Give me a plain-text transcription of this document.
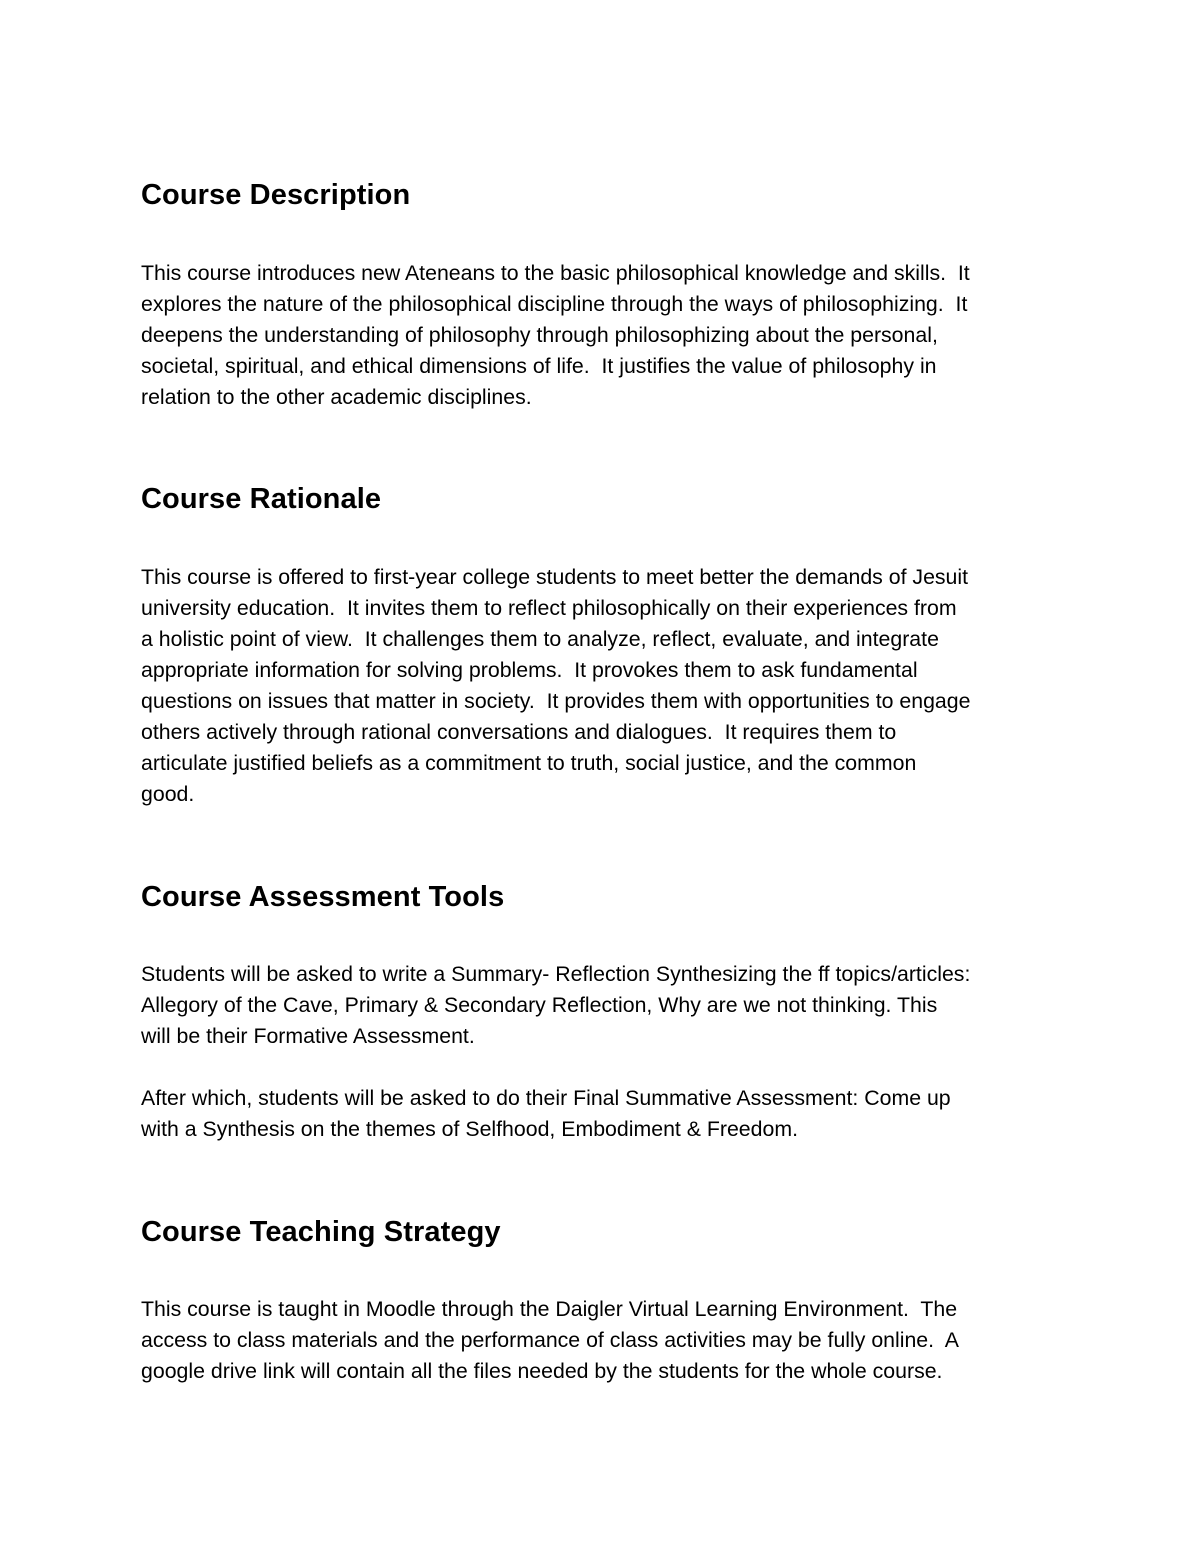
Course Description

This course introduces new Ateneans to the basic philosophical knowledge and skills.  It

explores the nature of the philosophical discipline through the ways of philosophizing.  It

deepens the understanding of philosophy through philosophizing about the personal,

societal, spiritual, and ethical dimensions of life.  It justifies the value of philosophy in

relation to the other academic disciplines.

Course Rationale

This course is offered to first-year college students to meet better the demands of Jesuit

university education.  It invites them to reflect philosophically on their experiences from

a holistic point of view.  It challenges them to analyze, reflect, evaluate, and integrate

appropriate information for solving problems.  It provokes them to ask fundamental

questions on issues that matter in society.  It provides them with opportunities to engage

others actively through rational conversations and dialogues.  It requires them to

articulate justified beliefs as a commitment to truth, social justice, and the common

good.

Course Assessment Tools

Students will be asked to write a Summary- Reflection Synthesizing the ff topics/articles:

Allegory of the Cave, Primary & Secondary Reflection, Why are we not thinking. This

will be their Formative Assessment.

After which, students will be asked to do their Final Summative Assessment: Come up

with a Synthesis on the themes of Selfhood, Embodiment & Freedom.

Course Teaching Strategy

This course is taught in Moodle through the Daigler Virtual Learning Environment.  The

access to class materials and the performance of class activities may be fully online.  A

google drive link will contain all the files needed by the students for the whole course.
